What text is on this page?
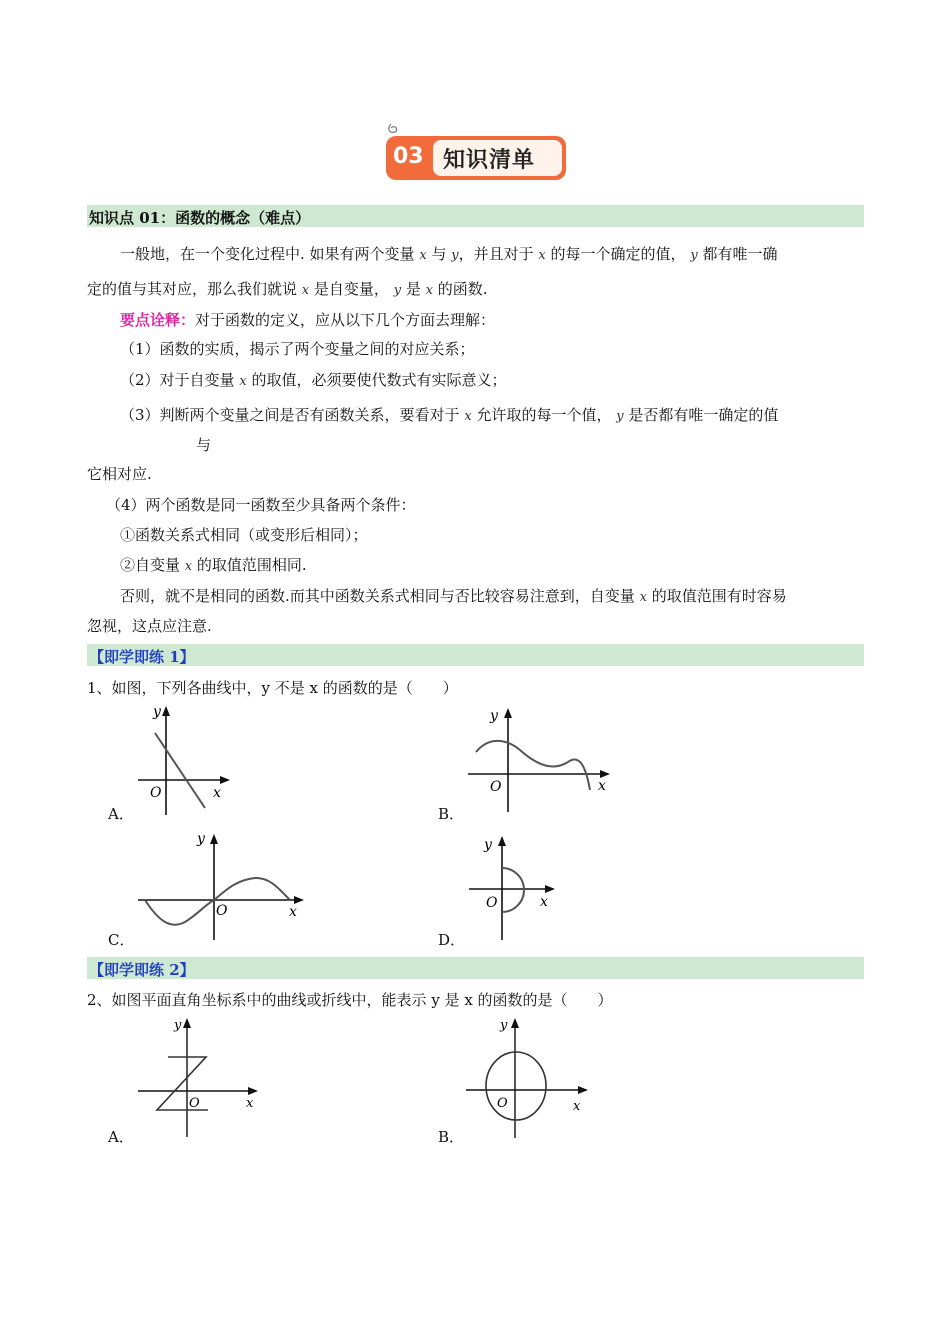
03 知识清单
知识点 01：函数的概念（难点）
一般地，在一个变化过程中. 如果有两个变量 x 与 y，并且对于 x 的每一个确定的值， y 都有唯一确
定的值与其对应，那么我们就说 x 是自变量， y 是 x 的函数.
要点诠释：对于函数的定义，应从以下几个方面去理解：
（1）函数的实质，揭示了两个变量之间的对应关系；
（2）对于自变量 x 的取值，必须要使代数式有实际意义；
（3）判断两个变量之间是否有函数关系，要看对于 x 允许取的每一个值， y 是否都有唯一确定的值
与
它相对应.
（4）两个函数是同一函数至少具备两个条件：
①函数关系式相同（或变形后相同）；
②自变量 x 的取值范围相同.
否则，就不是相同的函数.而其中函数关系式相同与否比较容易注意到，自变量 x 的取值范围有时容易
忽视，这点应注意.
【即学即练 1】
1、如图，下列各曲线中，y 不是 x 的函数的是（　　）
y
O	x
y
O	x
y
O	x
y
O	x
y
O	x
y
O	x
A．	B．
C．	D．
【即学即练 2】
2、如图平面直角坐标系中的曲线或折线中，能表示 y 是 x 的函数的是（　　）
A．	B．
